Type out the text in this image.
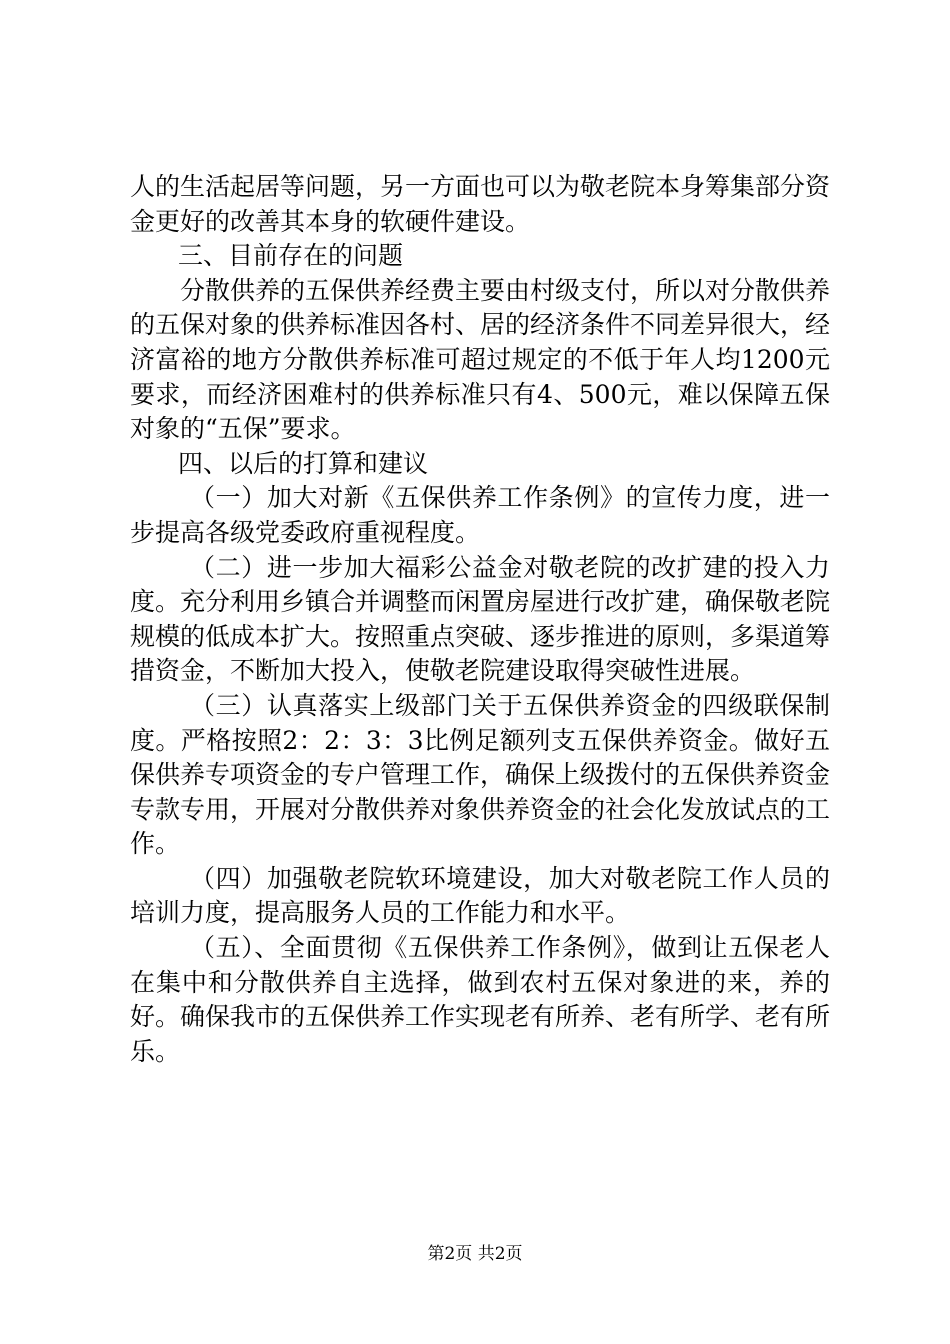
人的生活起居等问题，另一方面也可以为敬老院本身筹集部分资金更好的改善其本身的软硬件建设。

三、目前存在的问题

分散供养的五保供养经费主要由村级支付，所以对分散供养的五保对象的供养标准因各村、居的经济条件不同差异很大，经济富裕的地方分散供养标准可超过规定的不低于年人均1200元要求，而经济困难村的供养标准只有4、500元，难以保障五保对象的“五保”要求。

四、以后的打算和建议

（一）加大对新《五保供养工作条例》的宣传力度，进一步提高各级党委政府重视程度。

（二）进一步加大福彩公益金对敬老院的改扩建的投入力度。充分利用乡镇合并调整而闲置房屋进行改扩建，确保敬老院规模的低成本扩大。按照重点突破、逐步推进的原则，多渠道筹措资金，不断加大投入，使敬老院建设取得突破性进展。

（三）认真落实上级部门关于五保供养资金的四级联保制度。严格按照2：2：3：3比例足额列支五保供养资金。做好五保供养专项资金的专户管理工作，确保上级拨付的五保供养资金专款专用，开展对分散供养对象供养资金的社会化发放试点的工作。

（四）加强敬老院软环境建设，加大对敬老院工作人员的培训力度，提高服务人员的工作能力和水平。

（五）、全面贯彻《五保供养工作条例》，做到让五保老人在集中和分散供养自主选择，做到农村五保对象进的来，养的好。确保我市的五保供养工作实现老有所养、老有所学、老有所乐。

第2页 共2页
